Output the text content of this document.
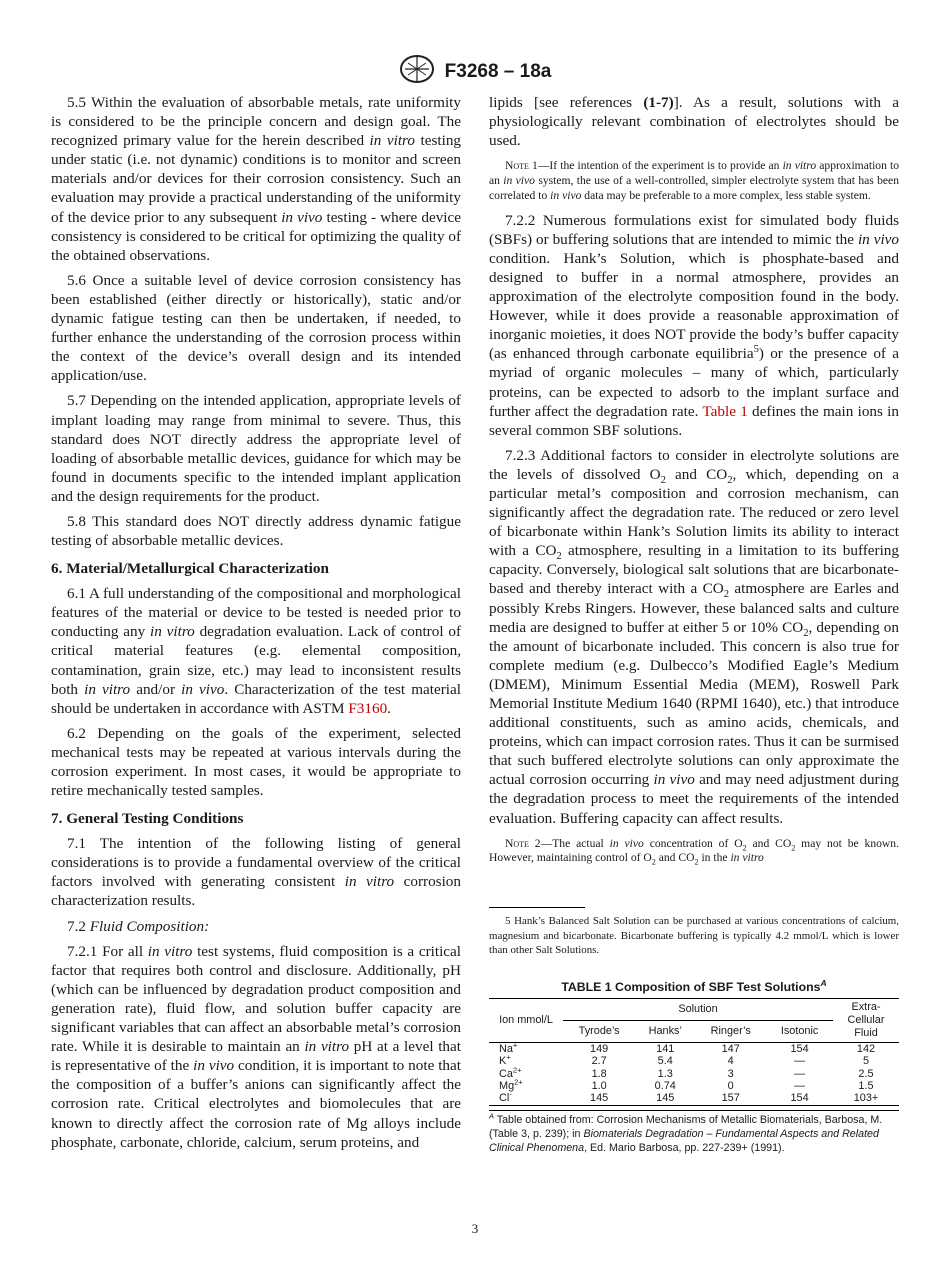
F3268 – 18a

5.5 Within the evaluation of absorbable metals, rate uniformity is considered to be the principle concern and design goal. The recognized primary value for the herein described in vitro testing under static (i.e. not dynamic) conditions is to monitor and screen materials and/or devices for their corrosion consistency. Such an evaluation may provide a practical understanding of the uniformity of the device prior to any subsequent in vivo testing - where device consistency is considered to be critical for optimizing the quality of the obtained observations.

5.6 Once a suitable level of device corrosion consistency has been established (either directly or historically), static and/or dynamic fatigue testing can then be undertaken, if needed, to further enhance the understanding of the corrosion process within the context of the device’s overall design and its intended application/use.

5.7 Depending on the intended application, appropriate levels of implant loading may range from minimal to severe. Thus, this standard does NOT directly address the appropriate level of loading of absorbable metallic devices, guidance for which may be found in documents specific to the intended implant application and the design requirements for the product.

5.8 This standard does NOT directly address dynamic fatigue testing of absorbable metallic devices.

6. Material/Metallurgical Characterization

6.1 A full understanding of the compositional and morphological features of the material or device to be tested is needed prior to conducting any in vitro degradation evaluation. Lack of control of critical material features (e.g. elemental composition, contamination, grain size, etc.) may lead to inconsistent results both in vitro and/or in vivo. Characterization of the test material should be undertaken in accordance with ASTM F3160.

6.2 Depending on the goals of the experiment, selected mechanical tests may be repeated at various intervals during the corrosion experiment. In most cases, it would be appropriate to retire mechanically tested samples.

7. General Testing Conditions

7.1 The intention of the following listing of general considerations is to provide a fundamental overview of the critical factors involved with generating consistent in vitro corrosion characterization results.

7.2 Fluid Composition:

7.2.1 For all in vitro test systems, fluid composition is a critical factor that requires both control and disclosure. Additionally, pH (which can be influenced by degradation product composition and generation rate), fluid flow, and solution buffer capacity are significant variables that can affect an absorbable metal’s corrosion rate. While it is desirable to maintain an in vitro pH at a level that is representative of the in vivo condition, it is important to note that the composition of a buffer’s anions can significantly affect the corrosion rate. Critical electrolytes and biomolecules that are known to directly affect the corrosion rate of Mg alloys include phosphate, carbonate, chloride, calcium, serum proteins, and

lipids [see references (1-7)]. As a result, solutions with a physiologically relevant combination of electrolytes should be used.

Note 1—If the intention of the experiment is to provide an in vitro approximation to an in vivo system, the use of a well-controlled, simpler electrolyte system that has been correlated to in vivo data may be preferable to a more complex, less stable system.

7.2.2 Numerous formulations exist for simulated body fluids (SBFs) or buffering solutions that are intended to mimic the in vivo condition. Hank’s Solution, which is phosphate-based and designed to buffer in a normal atmosphere, provides an approximation of the electrolyte composition found in the body. However, while it does provide a reasonable approximation of inorganic moieties, it does NOT provide the body’s buffer capacity (as enhanced through carbonate equilibria$^5$) or the presence of a myriad of organic molecules – many of which, particularly proteins, can be expected to adsorb to the implant surface and further affect the degradation rate. Table 1 defines the main ions in several common SBF solutions.

7.2.3 Additional factors to consider in electrolyte solutions are the levels of dissolved $O_2$ and $CO_2$, which, depending on a particular metal’s composition and corrosion mechanism, can significantly affect the degradation rate. The reduced or zero level of bicarbonate within Hank’s Solution limits its ability to interact with a $CO_2$ atmosphere, resulting in a limitation to its buffering capacity. Conversely, biological salt solutions that are bicarbonate-based and thereby interact with a $CO_2$ atmosphere are Earles and possibly Krebs Ringers. However, these balanced salts and culture media are designed to buffer at either 5 or 10% $CO_2$, depending on the amount of bicarbonate included. This concern is also true for complete medium (e.g. Dulbecco’s Modified Eagle’s Medium (DMEM), Minimum Essential Media (MEM), Roswell Park Memorial Institute Medium 1640 (RPMI 1640), etc.) that introduce additional constituents, such as amino acids, chemicals, and proteins, which can impact corrosion rates. Thus it can be surmised that such buffered electrolyte solutions can only approximate the actual corrosion occurring in vivo and may need adjustment during the degradation process to meet the requirements of the intended evaluation. Buffering capacity can affect results.

Note 2—The actual in vivo concentration of $O_2$ and $CO_2$ may not be known. However, maintaining control of $O_2$ and $CO_2$ in the in vitro

5 Hank’s Balanced Salt Solution can be purchased at various concentrations of calcium, magnesium and bicarbonate. Bicarbonate buffering is typically 4.2 mmol/L which is lower than other Salt Solutions.

TABLE 1 Composition of SBF Test Solutions$^A$
Ion mmol/L	Solution				Extra-Cellular Fluid
	Tyrode’s	Hanks’	Ringer’s	Isotonic	
Na+	149	141	147	154	142
K+	2.7	5.4	4	—	5
$Ca^{2+}$	1.8	1.3	3	—	2.5
$Mg^{2+}$	1.0	0.74	0	—	1.5
Cl-	145	145	157	154	103+
$^A$ Table obtained from: Corrosion Mechanisms of Metallic Biomaterials, Barbosa, M. (Table 3, p. 239); in Biomaterials Degradation – Fundamental Aspects and Related Clinical Phenomena, Ed. Mario Barbosa, pp. 227-239+ (1991).
3
